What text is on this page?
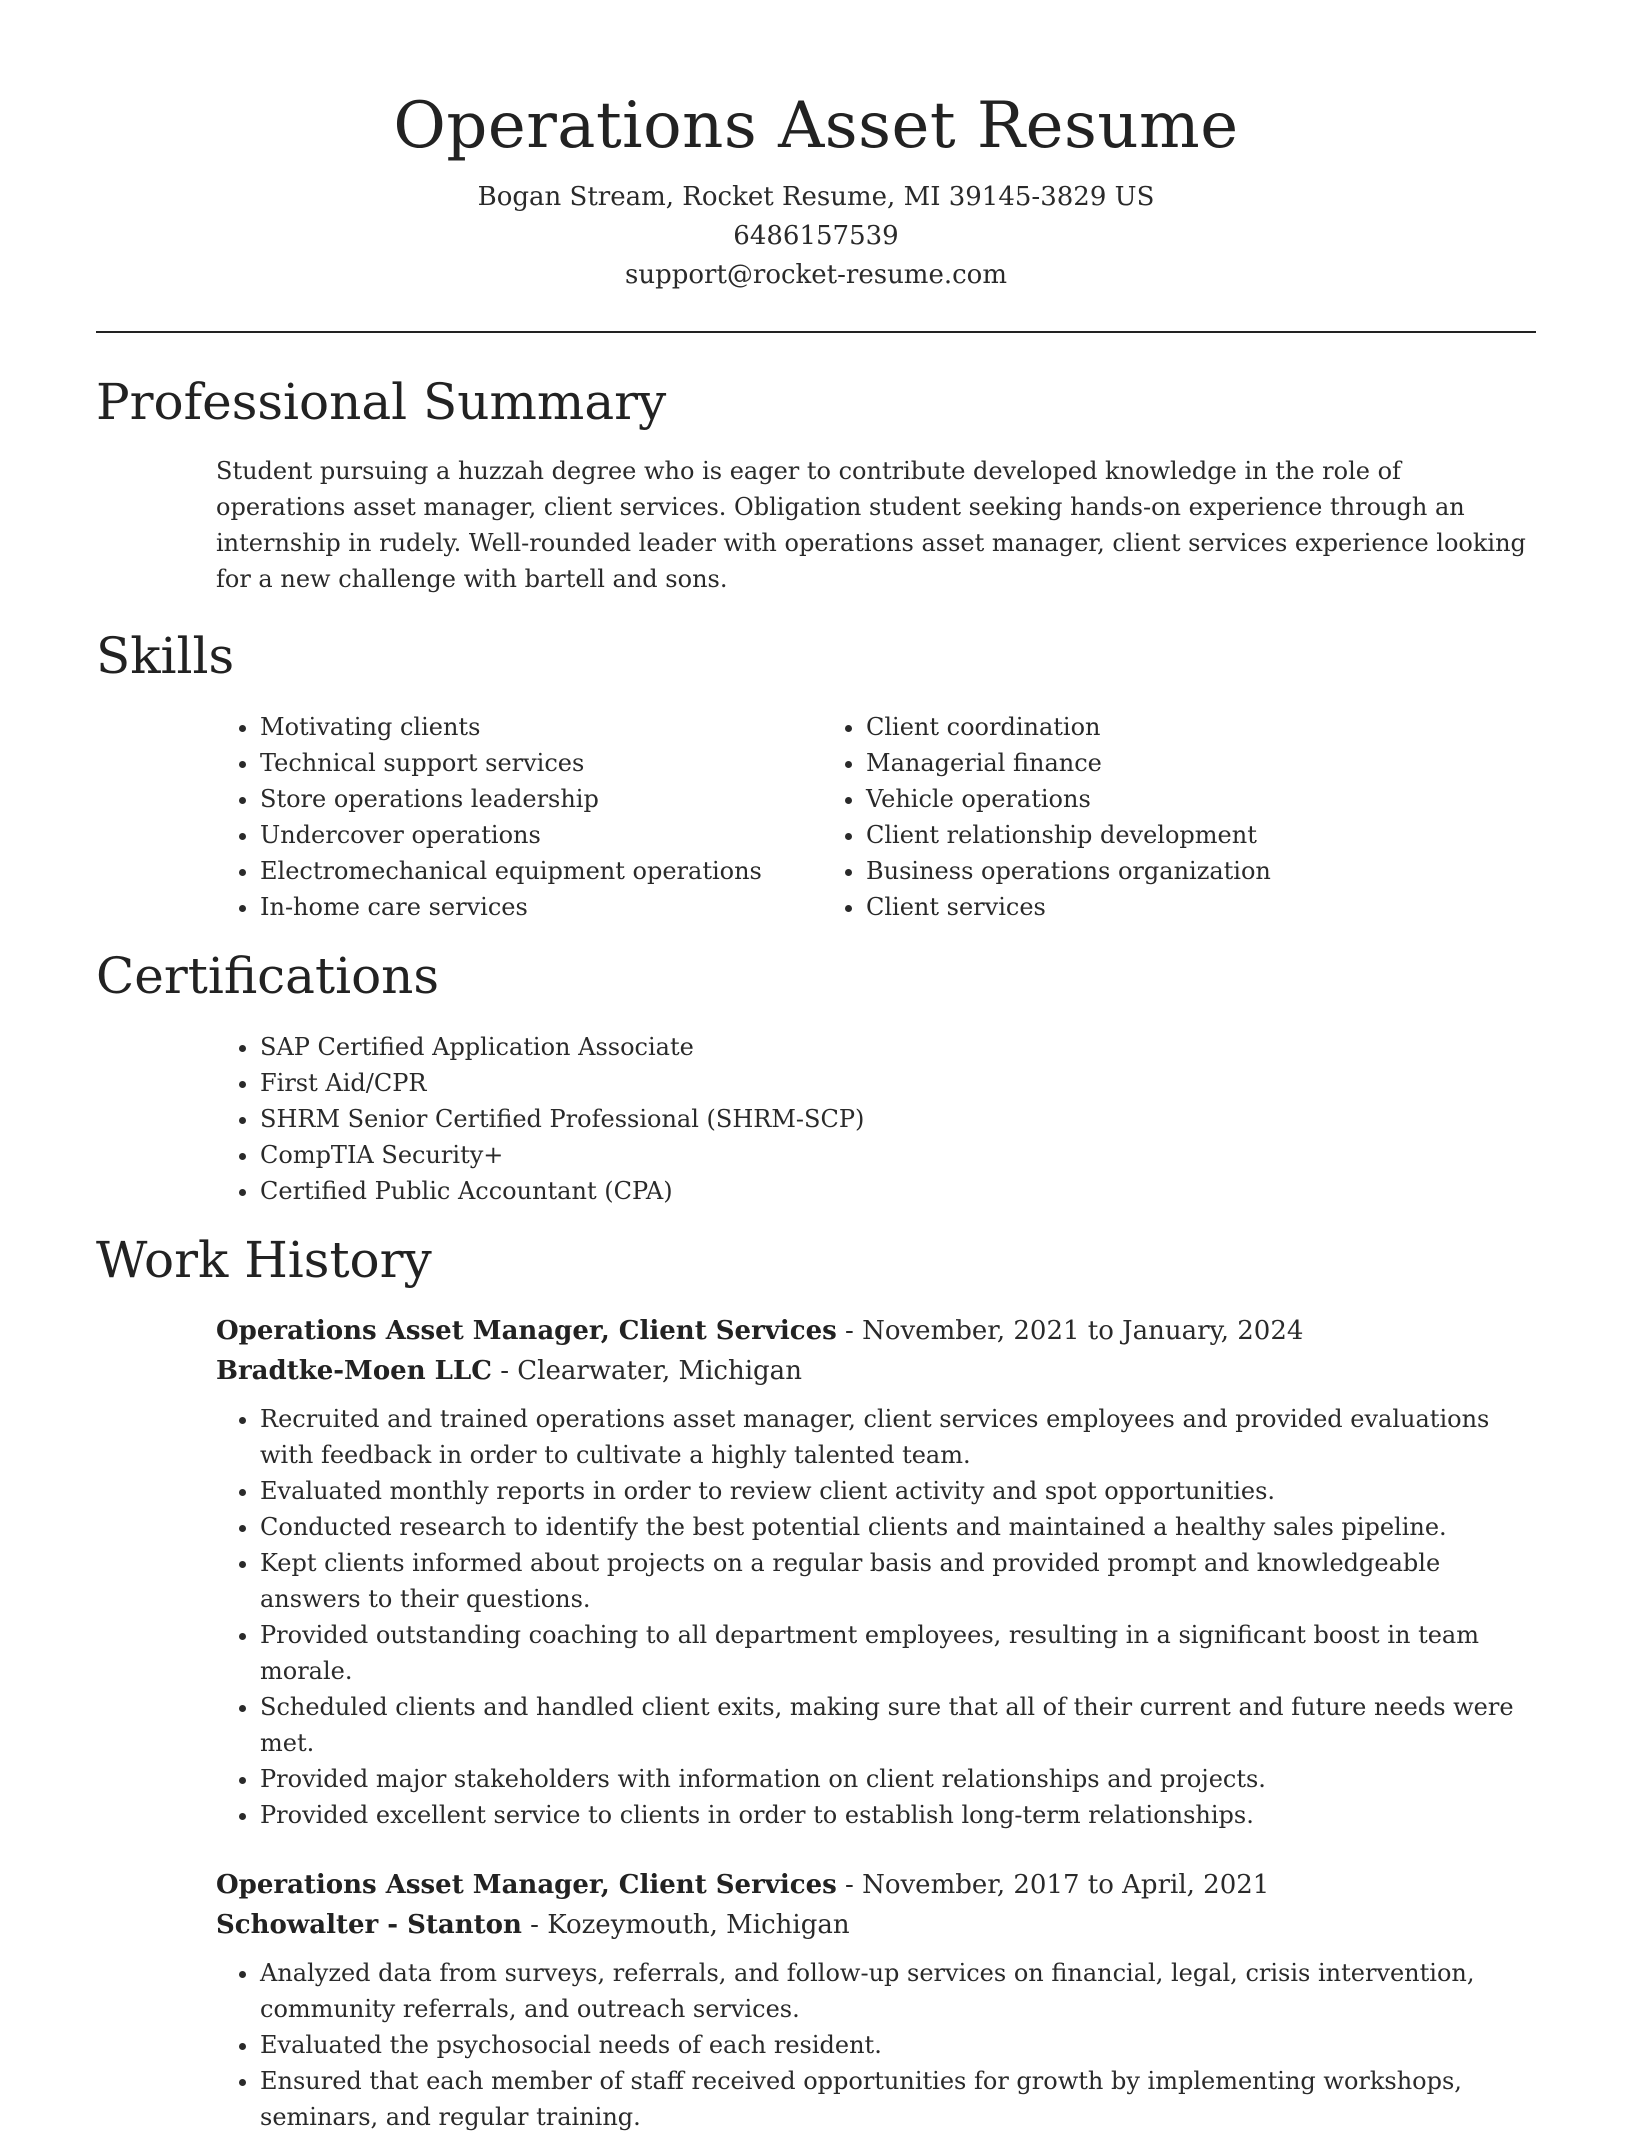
Operations Asset Resume

Bogan Stream, Rocket Resume, MI 39145-3829 US

6486157539

support@rocket-resume.com

Professional Summary

Student pursuing a huzzah degree who is eager to contribute developed knowledge in the role of operations asset manager, client services. Obligation student seeking hands-on experience through an internship in rudely. Well-rounded leader with operations asset manager, client services experience looking for a new challenge with bartell and sons.

Skills
• Motivating clients
• Technical support services
• Store operations leadership
• Undercover operations
• Electromechanical equipment operations
• In-home care services
• Client coordination
• Managerial finance
• Vehicle operations
• Client relationship development
• Business operations organization
• Client services
Certifications
• SAP Certified Application Associate
• First Aid/CPR
• SHRM Senior Certified Professional (SHRM-SCP)
• CompTIA Security+
• Certified Public Accountant (CPA)
Work History

Operations Asset Manager, Client Services - November, 2021 to January, 2024

Bradtke-Moen LLC - Clearwater, Michigan

• Recruited and trained operations asset manager, client services employees and provided evaluations with feedback in order to cultivate a highly talented team.
• Evaluated monthly reports in order to review client activity and spot opportunities.
• Conducted research to identify the best potential clients and maintained a healthy sales pipeline.
• Kept clients informed about projects on a regular basis and provided prompt and knowledgeable answers to their questions.
• Provided outstanding coaching to all department employees, resulting in a significant boost in team morale.
• Scheduled clients and handled client exits, making sure that all of their current and future needs were met.
• Provided major stakeholders with information on client relationships and projects.
• Provided excellent service to clients in order to establish long-term relationships.

Operations Asset Manager, Client Services - November, 2017 to April, 2021

Schowalter - Stanton - Kozeymouth, Michigan

• Analyzed data from surveys, referrals, and follow-up services on financial, legal, crisis intervention, community referrals, and outreach services.
• Evaluated the psychosocial needs of each resident.
• Ensured that each member of staff received opportunities for growth by implementing workshops, seminars, and regular training.
